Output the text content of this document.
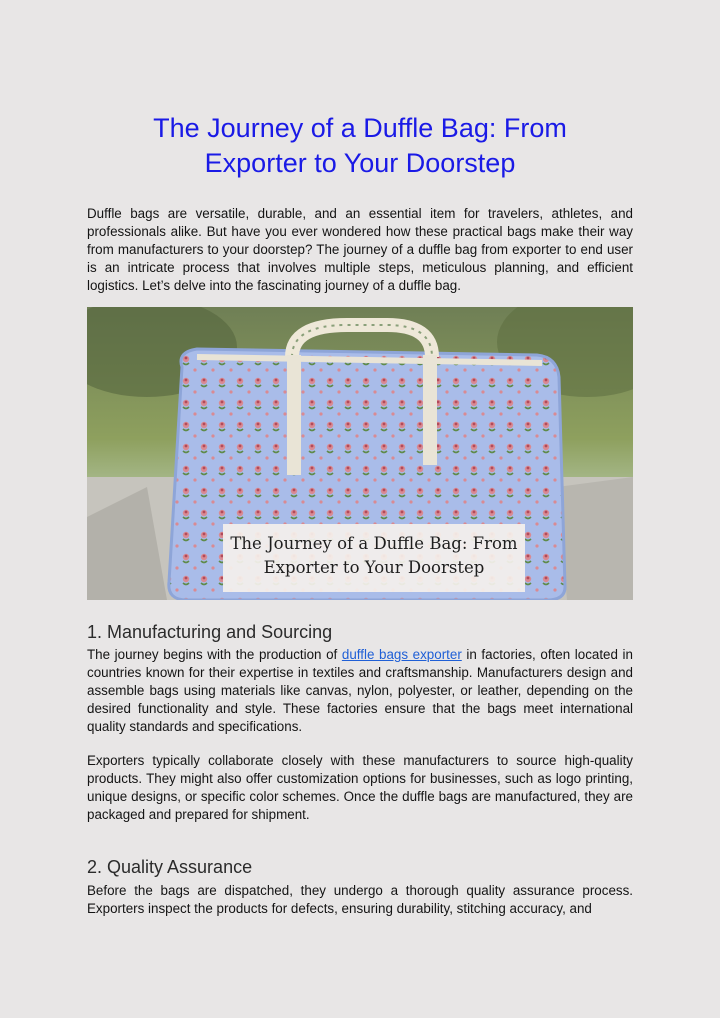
The Journey of a Duffle Bag: From
Exporter to Your Doorstep

Duffle bags are versatile, durable, and an essential item for travelers, athletes, and professionals alike. But have you ever wondered how these practical bags make their way from manufacturers to your doorstep? The journey of a duffle bag from exporter to end user is an intricate process that involves multiple steps, meticulous planning, and efficient logistics. Let’s delve into the fascinating journey of a duffle bag.

The Journey of a Duffle Bag: From
Exporter to Your Doorstep
1. Manufacturing and Sourcing

The journey begins with the production of duffle bags exporter in factories, often located in countries known for their expertise in textiles and craftsmanship. Manufacturers design and assemble bags using materials like canvas, nylon, polyester, or leather, depending on the desired functionality and style. These factories ensure that the bags meet international quality standards and specifications.

Exporters typically collaborate closely with these manufacturers to source high-quality products. They might also offer customization options for businesses, such as logo printing, unique designs, or specific color schemes. Once the duffle bags are manufactured, they are packaged and prepared for shipment.

2. Quality Assurance

Before the bags are dispatched, they undergo a thorough quality assurance process. Exporters inspect the products for defects, ensuring durability, stitching accuracy, and
